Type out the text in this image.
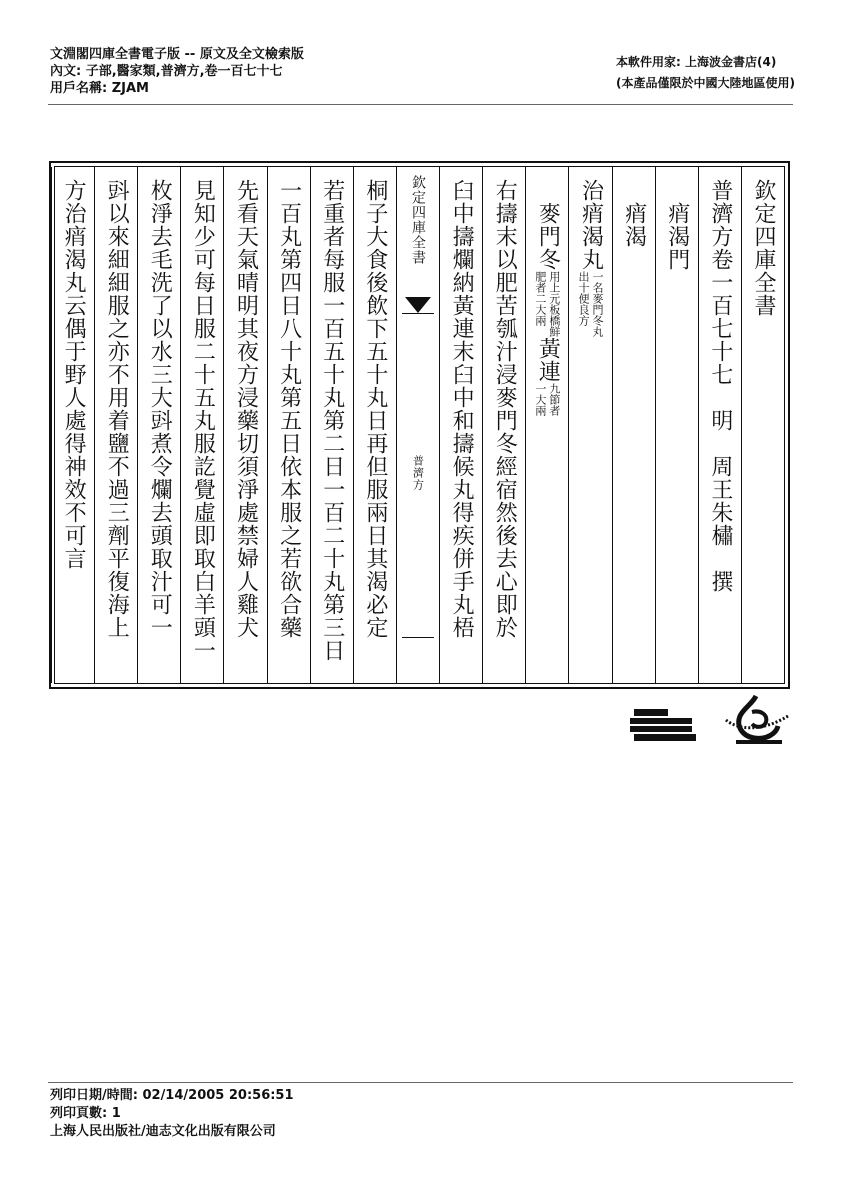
文淵閣四庫全書電子版 -- 原文及全文檢索版
內文: 子部,醫家類,普濟方,卷一百七十七
用戶名稱: ZJAM
本軟件用家: 上海波金書店(4)
(本產品僅限於中國大陸地區使用)
欽定四庫全書
普濟方卷一百七十七　明　周王朱橚　撰
　痟渴門
　痟渴
治痟渴丸
一名麥門冬丸
出十便良方
　麥門冬
用上元板橋鮮
肥者二大兩
黃連
九節者
一大兩
右擣末以肥苦瓠汁浸麥門冬經宿然後去心即於
臼中擣爛納黃連末臼中和擣候丸得疾併手丸梧
欽定四庫全書
普濟方
桐子大食後飲下五十丸日再但服兩日其渴必定
若重者每服一百五十丸第二日一百二十丸第三日
一百丸第四日八十丸第五日依本服之若欲合藥
先看天氣晴明其夜方浸藥切須淨處禁婦人雞犬
見知少可每日服二十五丸服訖覺虛即取白羊頭一
枚淨去毛洗了以水三大㪷煮令爛去頭取汁可一
㪷以來細細服之亦不用着鹽不過三劑平復海上
方治痟渴丸云偶于野人處得神效不可言
列印日期/時間: 02/14/2005 20:56:51
列印頁數: 1
上海人民出版社/迪志文化出版有限公司
